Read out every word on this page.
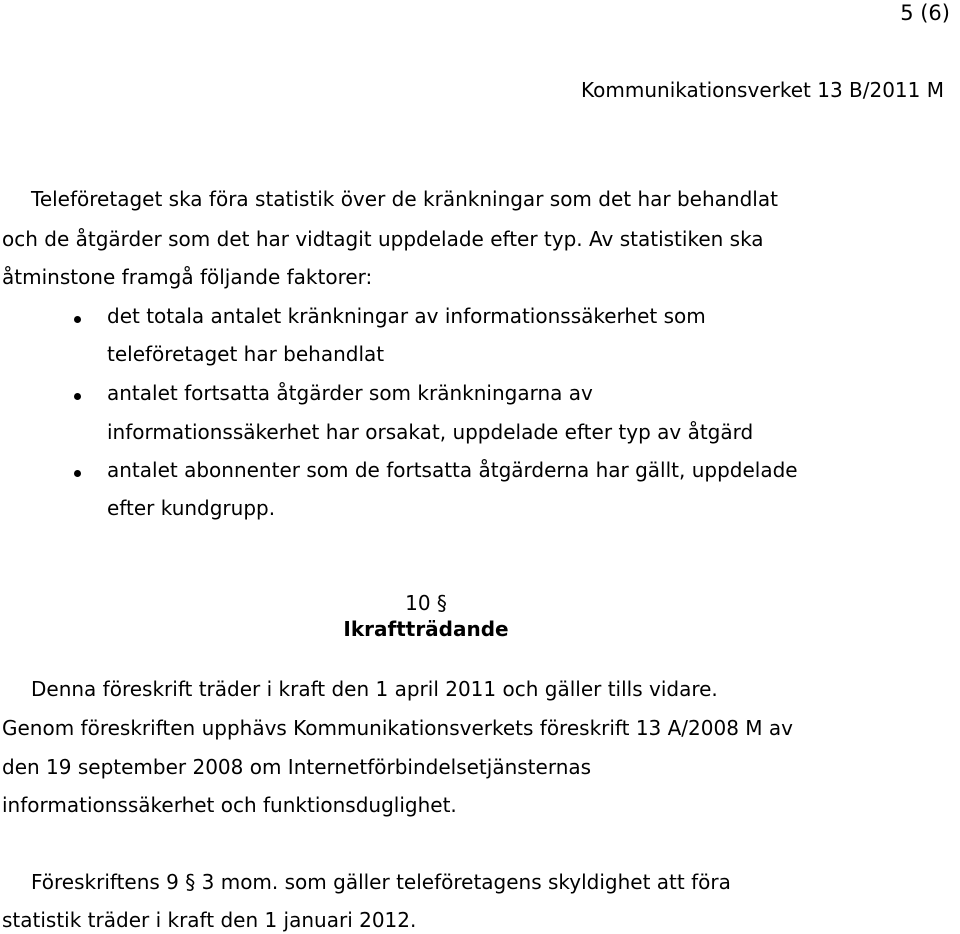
5 (6)
Kommunikationsverket 13 B/2011 M
Teleföretaget ska föra statistik över de kränkningar som det har behandlat
och de åtgärder som det har vidtagit uppdelade efter typ. Av statistiken ska
åtminstone framgå följande faktorer:
det totala antalet kränkningar av informationssäkerhet som
teleföretaget har behandlat
antalet fortsatta åtgärder som kränkningarna av
informationssäkerhet har orsakat, uppdelade efter typ av åtgärd
antalet abonnenter som de fortsatta åtgärderna har gällt, uppdelade
efter kundgrupp.
10 §
Ikraftträdande
Denna föreskrift träder i kraft den 1 april 2011 och gäller tills vidare.
Genom föreskriften upphävs Kommunikationsverkets föreskrift 13 A/2008 M av
den 19 september 2008 om Internetförbindelsetjänsternas
informationssäkerhet och funktionsduglighet.
Föreskriftens 9 § 3 mom. som gäller teleföretagens skyldighet att föra
statistik träder i kraft den 1 januari 2012.
